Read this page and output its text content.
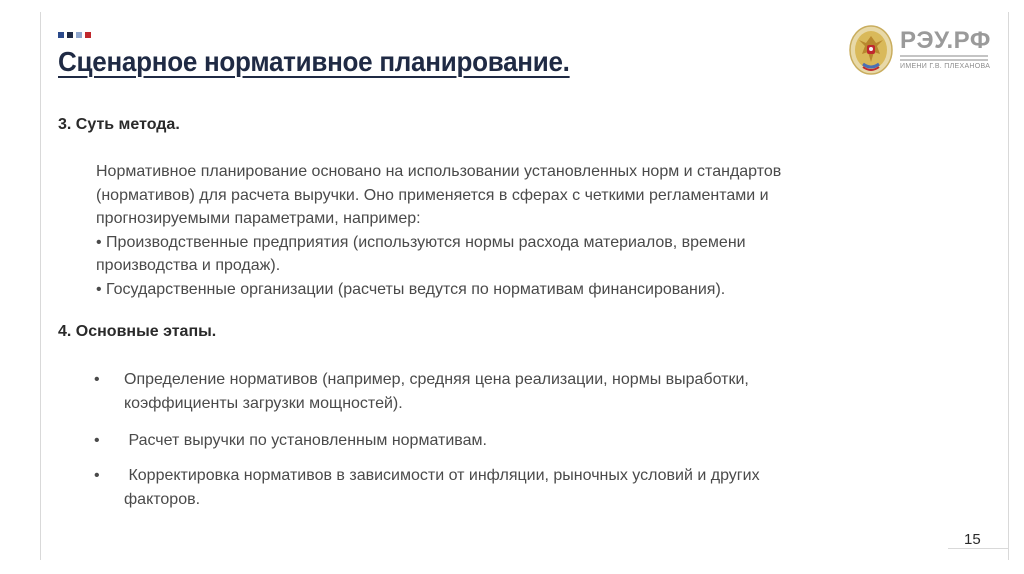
Сценарное нормативное планирование.
РЭУ.РФ
ИМЕНИ Г.В. ПЛЕХАНОВА
3. Суть метода.
Нормативное планирование основано на использовании установленных норм и стандартов
(нормативов) для расчета выручки. Оно применяется в сферах с четкими регламентами и
прогнозируемыми параметрами, например:
• Производственные предприятия (используются нормы расхода материалов, времени
производства и продаж).
• Государственные организации (расчеты ведутся по нормативам финансирования).
4. Основные этапы.
•	Определение нормативов (например, средняя цена реализации, нормы выработки,
коэффициенты загрузки мощностей).
•	Расчет выручки по установленным нормативам.
•	Корректировка нормативов в зависимости от инфляции, рыночных условий и других
факторов.
15
